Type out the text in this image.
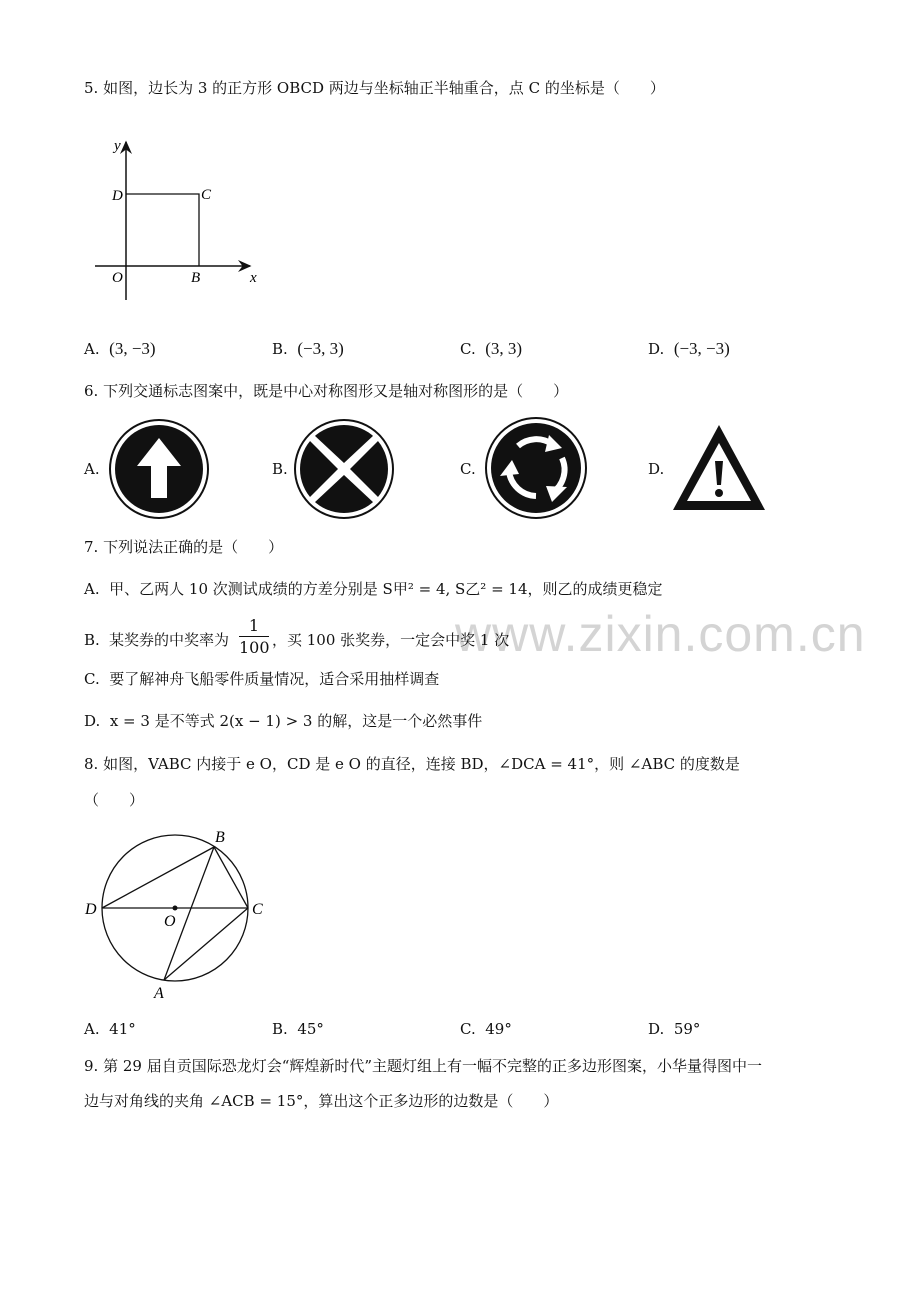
www.zixin.com.cn
5. 如图，边长为 3 的正方形 OBCD 两边与坐标轴正半轴重合，点 C 的坐标是（　　）
y
x
O	B
C
D
A. (3, −3)	B. (−3, 3)	C. (3, 3)	D. (−3, −3)
6. 下列交通标志图案中，既是中心对称图形又是轴对称图形的是（　　）
A.	B.	C.	D.
7. 下列说法正确的是（　　）
A. 甲、乙两人 10 次测试成绩的方差分别是 S甲² = 4, S乙² = 14，则乙的成绩更稳定
B. 某奖券的中奖率为
1
100 ，买 100 张奖券，一定会中奖 1 次
C. 要了解神舟飞船零件质量情况，适合采用抽样调查
D. x = 3 是不等式 2(x − 1) > 3 的解，这是一个必然事件
8. 如图，VABC 内接于 e O，CD 是 e O 的直径，连接 BD，∠DCA = 41°，则 ∠ABC 的度数是
（　　）
B
D	C
O
A
A. 41°	B. 45°	C. 49°	D. 59°
9. 第 29 届自贡国际恐龙灯会“辉煌新时代”主题灯组上有一幅不完整的正多边形图案，小华量得图中一
边与对角线的夹角 ∠ACB = 15°，算出这个正多边形的边数是（　　）
